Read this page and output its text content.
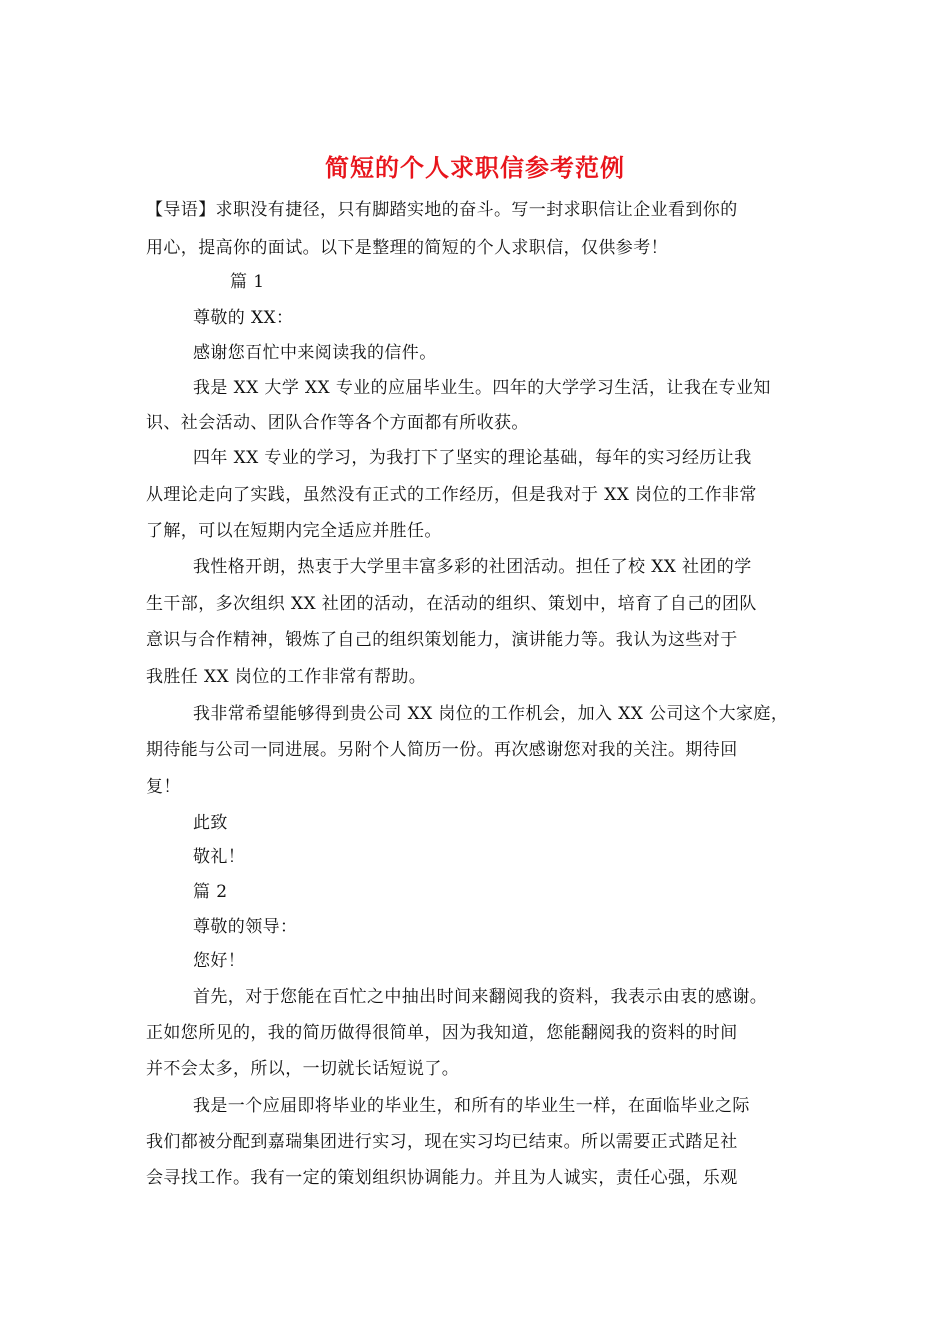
简短的个人求职信参考范例
【导语】求职没有捷径，只有脚踏实地的奋斗。写一封求职信让企业看到你的
用心，提高你的面试。以下是整理的简短的个人求职信，仅供参考！
篇 1
尊敬的 XX：
感谢您百忙中来阅读我的信件。
我是 XX 大学 XX 专业的应届毕业生。四年的大学学习生活，让我在专业知
识、社会活动、团队合作等各个方面都有所收获。
四年 XX 专业的学习，为我打下了坚实的理论基础，每年的实习经历让我
从理论走向了实践，虽然没有正式的工作经历，但是我对于 XX 岗位的工作非常
了解，可以在短期内完全适应并胜任。
我性格开朗，热衷于大学里丰富多彩的社团活动。担任了校 XX 社团的学
生干部，多次组织 XX 社团的活动，在活动的组织、策划中，培育了自己的团队
意识与合作精神，锻炼了自己的组织策划能力，演讲能力等。我认为这些对于
我胜任 XX 岗位的工作非常有帮助。
我非常希望能够得到贵公司 XX 岗位的工作机会，加入 XX 公司这个大家庭，
期待能与公司一同进展。另附个人简历一份。再次感谢您对我的关注。期待回
复！
此致
敬礼！
篇 2
尊敬的领导：
您好！
首先，对于您能在百忙之中抽出时间来翻阅我的资料，我表示由衷的感谢。
正如您所见的，我的简历做得很简单，因为我知道，您能翻阅我的资料的时间
并不会太多，所以，一切就长话短说了。
我是一个应届即将毕业的毕业生，和所有的毕业生一样，在面临毕业之际
我们都被分配到嘉瑞集团进行实习，现在实习均已结束。所以需要正式踏足社
会寻找工作。我有一定的策划组织协调能力。并且为人诚实，责任心强，乐观
